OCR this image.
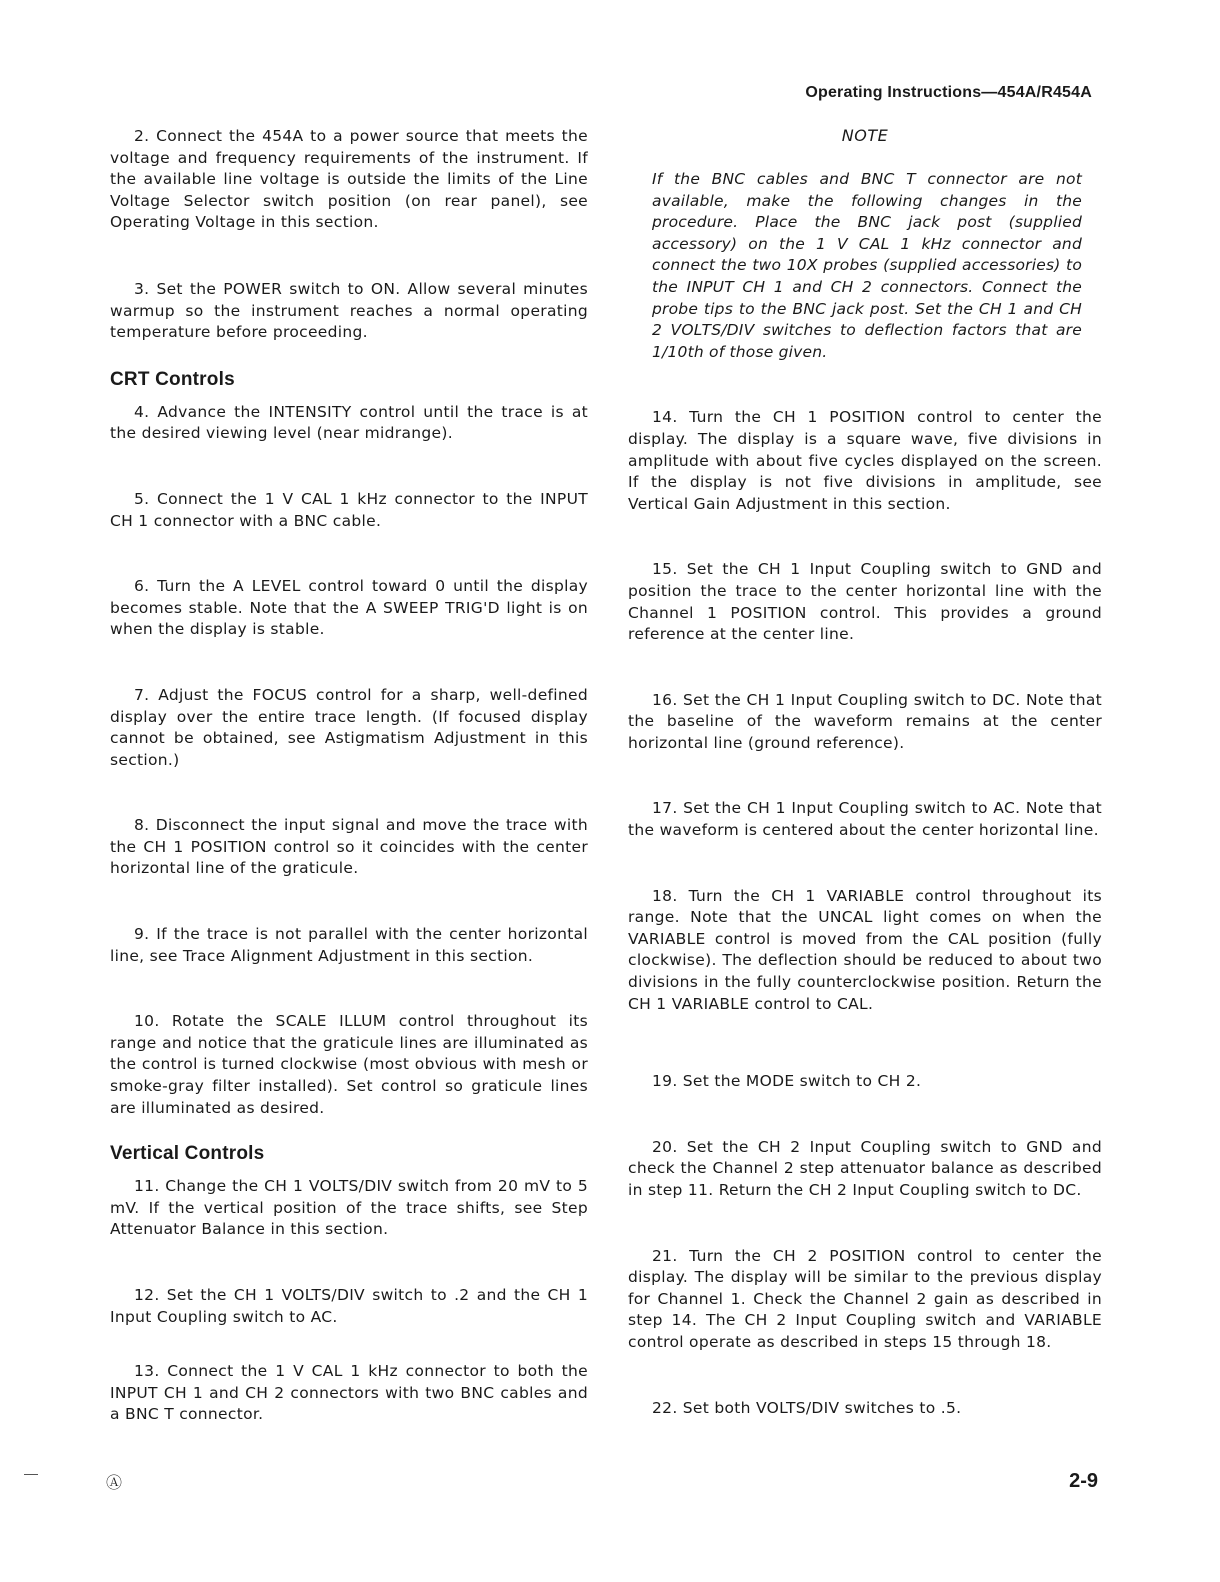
Operating Instructions—454A/R454A

2. Connect the 454A to a power source that meets the voltage and frequency requirements of the instrument. If the available line voltage is outside the limits of the Line Voltage Selector switch position (on rear panel), see Operating Voltage in this section.

3. Set the POWER switch to ON. Allow several minutes warmup so the instrument reaches a normal operating temperature before proceeding.

CRT Controls

4. Advance the INTENSITY control until the trace is at the desired viewing level (near midrange).

5. Connect the 1 V CAL 1 kHz connector to the INPUT CH 1 connector with a BNC cable.

6. Turn the A LEVEL control toward 0 until the display becomes stable. Note that the A SWEEP TRIG'D light is on when the display is stable.

7. Adjust the FOCUS control for a sharp, well-defined display over the entire trace length. (If focused display cannot be obtained, see Astigmatism Adjustment in this section.)

8. Disconnect the input signal and move the trace with the CH 1 POSITION control so it coincides with the center horizontal line of the graticule.

9. If the trace is not parallel with the center horizontal line, see Trace Alignment Adjustment in this section.

10. Rotate the SCALE ILLUM control throughout its range and notice that the graticule lines are illuminated as the control is turned clockwise (most obvious with mesh or smoke-gray filter installed). Set control so graticule lines are illuminated as desired.

Vertical Controls

11. Change the CH 1 VOLTS/DIV switch from 20 mV to 5 mV. If the vertical position of the trace shifts, see Step Attenuator Balance in this section.

12. Set the CH 1 VOLTS/DIV switch to .2 and the CH 1 Input Coupling switch to AC.

13. Connect the 1 V CAL 1 kHz connector to both the INPUT CH 1 and CH 2 connectors with two BNC cables and a BNC T connector.

NOTE

If the BNC cables and BNC T connector are not available, make the following changes in the procedure. Place the BNC jack post (supplied accessory) on the 1 V CAL 1 kHz connector and connect the two 10X probes (supplied accessories) to the INPUT CH 1 and CH 2 connectors. Connect the probe tips to the BNC jack post. Set the CH 1 and CH 2 VOLTS/DIV switches to deflection factors that are 1/10th of those given.

14. Turn the CH 1 POSITION control to center the display. The display is a square wave, five divisions in amplitude with about five cycles displayed on the screen. If the display is not five divisions in amplitude, see Vertical Gain Adjustment in this section.

15. Set the CH 1 Input Coupling switch to GND and position the trace to the center horizontal line with the Channel 1 POSITION control. This provides a ground reference at the center line.

16. Set the CH 1 Input Coupling switch to DC. Note that the baseline of the waveform remains at the center horizontal line (ground reference).

17. Set the CH 1 Input Coupling switch to AC. Note that the waveform is centered about the center horizontal line.

18. Turn the CH 1 VARIABLE control throughout its range. Note that the UNCAL light comes on when the VARIABLE control is moved from the CAL position (fully clockwise). The deflection should be reduced to about two divisions in the fully counterclockwise position. Return the CH 1 VARIABLE control to CAL.

19. Set the MODE switch to CH 2.

20. Set the CH 2 Input Coupling switch to GND and check the Channel 2 step attenuator balance as described in step 11. Return the CH 2 Input Coupling switch to DC.

21. Turn the CH 2 POSITION control to center the display. The display will be similar to the previous display for Channel 1. Check the Channel 2 gain as described in step 14. The CH 2 Input Coupling switch and VARIABLE control operate as described in steps 15 through 18.

22. Set both VOLTS/DIV switches to .5.

Ⓐ	2-9
